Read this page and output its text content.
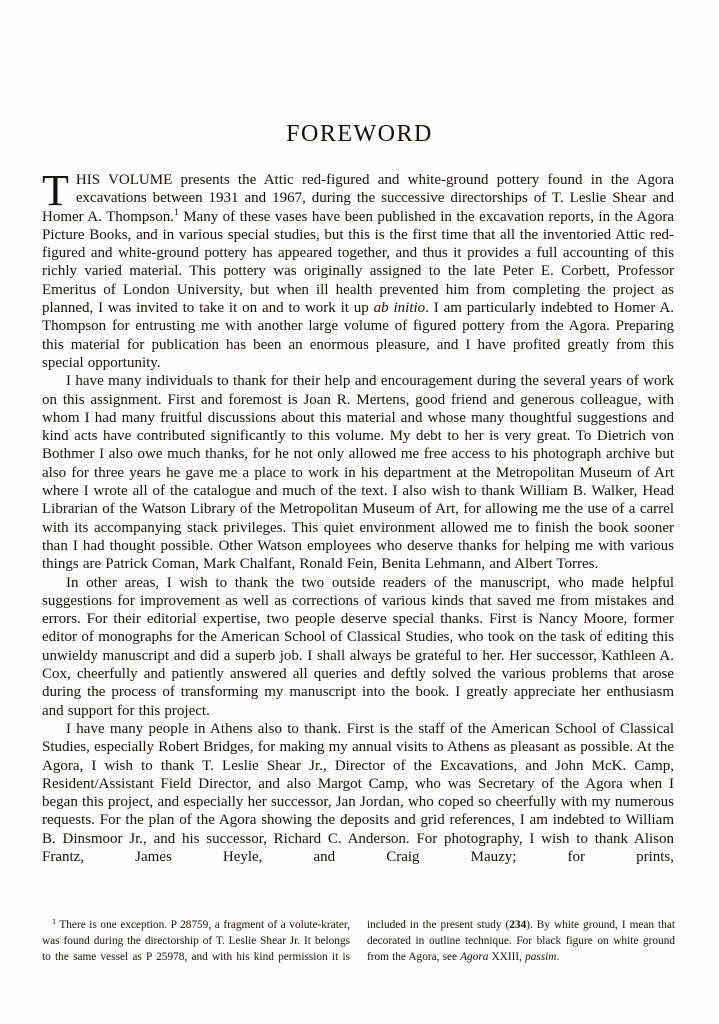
FOREWORD

THIS VOLUME presents the Attic red-figured and white-ground pottery found in the Agora excavations between 1931 and 1967, during the successive directorships of T. Leslie Shear and Homer A. Thompson.$^1$ Many of these vases have been published in the excavation reports, in the Agora Picture Books, and in various special studies, but this is the first time that all the inventoried Attic red-figured and white-ground pottery has appeared together, and thus it provides a full accounting of this richly varied material. This pottery was originally assigned to the late Peter E. Corbett, Professor Emeritus of London University, but when ill health prevented him from completing the project as planned, I was invited to take it on and to work it up ab initio. I am particularly indebted to Homer A. Thompson for entrusting me with another large volume of figured pottery from the Agora. Preparing this material for publication has been an enormous pleasure, and I have profited greatly from this special opportunity.

I have many individuals to thank for their help and encouragement during the several years of work on this assignment. First and foremost is Joan R. Mertens, good friend and generous colleague, with whom I had many fruitful discussions about this material and whose many thoughtful suggestions and kind acts have contributed significantly to this volume. My debt to her is very great. To Dietrich von Bothmer I also owe much thanks, for he not only allowed me free access to his photograph archive but also for three years he gave me a place to work in his department at the Metropolitan Museum of Art where I wrote all of the catalogue and much of the text. I also wish to thank William B. Walker, Head Librarian of the Watson Library of the Metropolitan Museum of Art, for allowing me the use of a carrel with its accompanying stack privileges. This quiet environment allowed me to finish the book sooner than I had thought possible. Other Watson employees who deserve thanks for helping me with various things are Patrick Coman, Mark Chalfant, Ronald Fein, Benita Lehmann, and Albert Torres.

In other areas, I wish to thank the two outside readers of the manuscript, who made helpful suggestions for improvement as well as corrections of various kinds that saved me from mistakes and errors. For their editorial expertise, two people deserve special thanks. First is Nancy Moore, former editor of monographs for the American School of Classical Studies, who took on the task of editing this unwieldy manuscript and did a superb job. I shall always be grateful to her. Her successor, Kathleen A. Cox, cheerfully and patiently answered all queries and deftly solved the various problems that arose during the process of transforming my manuscript into the book. I greatly appreciate her enthusiasm and support for this project.

I have many people in Athens also to thank. First is the staff of the American School of Classical Studies, especially Robert Bridges, for making my annual visits to Athens as pleasant as possible. At the Agora, I wish to thank T. Leslie Shear Jr., Director of the Excavations, and John McK. Camp, Resident/Assistant Field Director, and also Margot Camp, who was Secretary of the Agora when I began this project, and especially her successor, Jan Jordan, who coped so cheerfully with my numerous requests. For the plan of the Agora showing the deposits and grid references, I am indebted to William B. Dinsmoor Jr., and his successor, Richard C. Anderson. For photography, I wish to thank Alison Frantz, James Heyle, and Craig Mauzy; for prints,

$^1$ There is one exception. P 28759, a fragment of a volute-krater, was found during the directorship of T. Leslie Shear Jr. It belongs to the same vessel as P 25978, and with his kind permission it is included in the present study (234). By white ground, I mean that decorated in outline technique. For black figure on white ground from the Agora, see Agora XXIII, passim.
